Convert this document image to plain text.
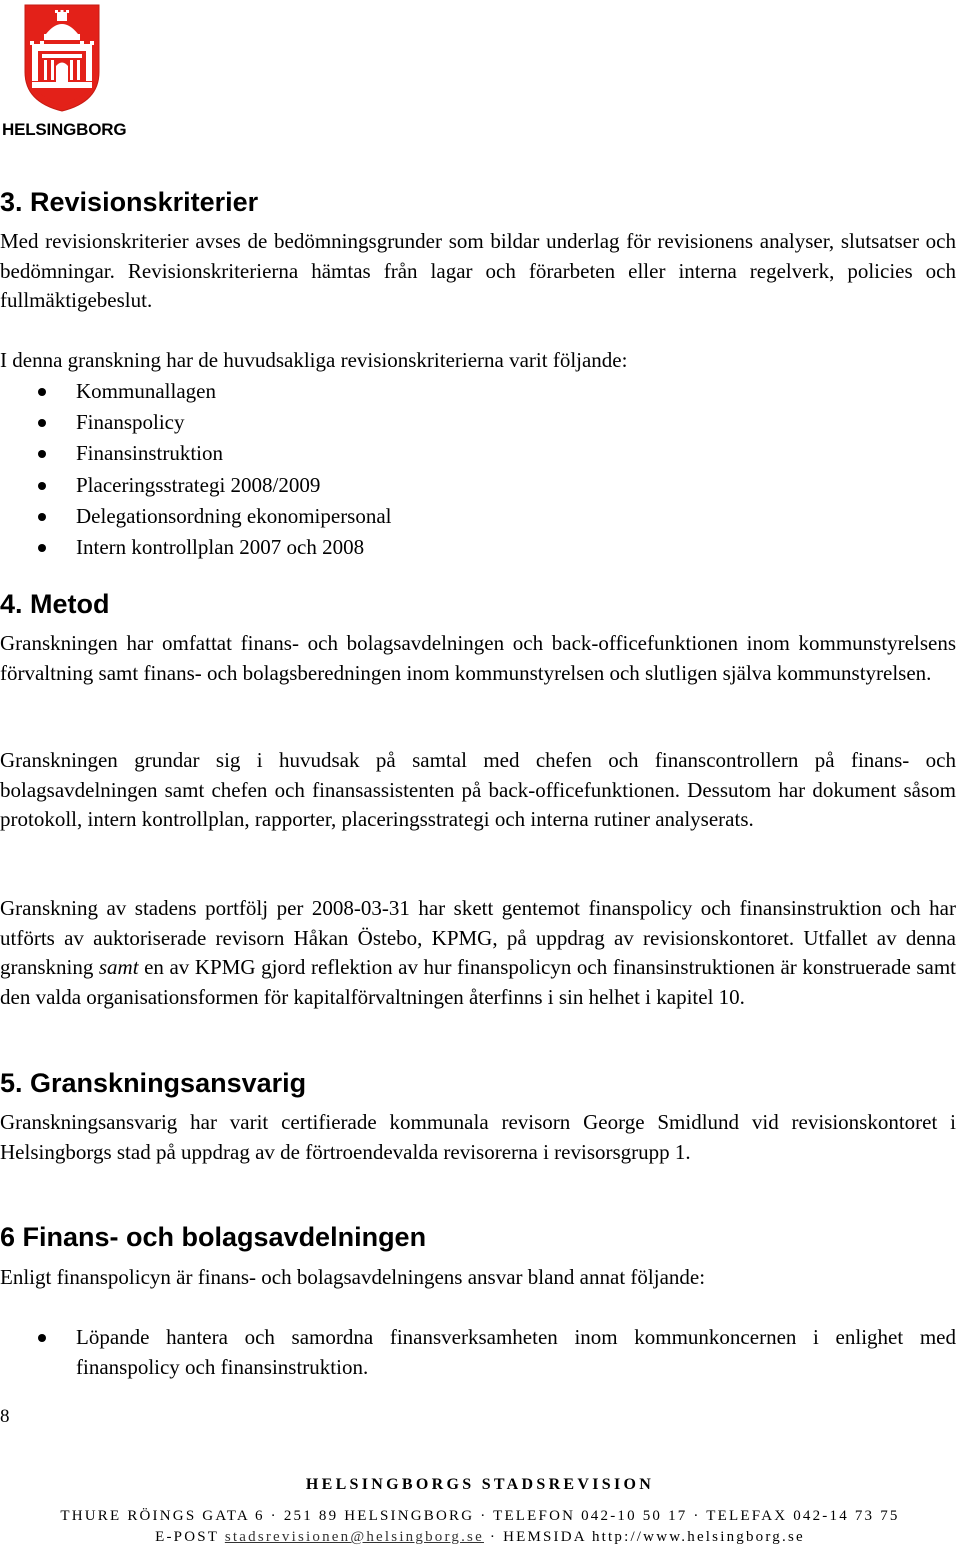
HELSINGBORG
3. Revisionskriterier

Med revisionskriterier avses de bedömningsgrunder som bildar underlag för revisionens analyser, slutsatser och bedömningar. Revisionskriterierna hämtas från lagar och förarbeten eller interna regelverk, policies och fullmäktigebeslut.

I denna granskning har de huvudsakliga revisionskriterierna varit följande:

Kommunallagen
Finanspolicy
Finansinstruktion
Placeringsstrategi 2008/2009
Delegationsordning ekonomipersonal
Intern kontrollplan 2007 och 2008
4. Metod

Granskningen har omfattat finans- och bolagsavdelningen och back-officefunktionen inom kommunstyrelsens förvaltning samt finans- och bolagsberedningen inom kommunstyrelsen och slutligen själva kommunstyrelsen.

Granskningen grundar sig i huvudsak på samtal med chefen och finanscontrollern på finans- och bolagsavdelningen samt chefen och finansassistenten på back-officefunktionen. Dessutom har dokument såsom protokoll, intern kontrollplan, rapporter, placeringsstrategi och interna rutiner analyserats.

Granskning av stadens portfölj per 2008-03-31 har skett gentemot finanspolicy och finansinstruktion och har utförts av auktoriserade revisorn Håkan Östebo, KPMG, på uppdrag av revisionskontoret. Utfallet av denna granskning samt en av KPMG gjord reflektion av hur finanspolicyn och finansinstruktionen är konstruerade samt den valda organisationsformen för kapitalförvaltningen återfinns i sin helhet i kapitel 10.

5. Granskningsansvarig

Granskningsansvarig har varit certifierade kommunala revisorn George Smidlund vid revisionskontoret i Helsingborgs stad på uppdrag av de förtroendevalda revisorerna i revisorsgrupp 1.

6 Finans- och bolagsavdelningen

Enligt finanspolicyn är finans- och bolagsavdelningens ansvar bland annat följande:

Löpande hantera och samordna finansverksamheten inom kommunkoncernen i enlighet med finanspolicy och finansinstruktion.
8
HELSINGBORGS STADSREVISION
THURE RÖINGS GATA 6 · 251 89 HELSINGBORG · TELEFON 042-10 50 17 · TELEFAX 042-14 73 75
E-POST stadsrevisionen@helsingborg.se · HEMSIDA http://www.helsingborg.se
